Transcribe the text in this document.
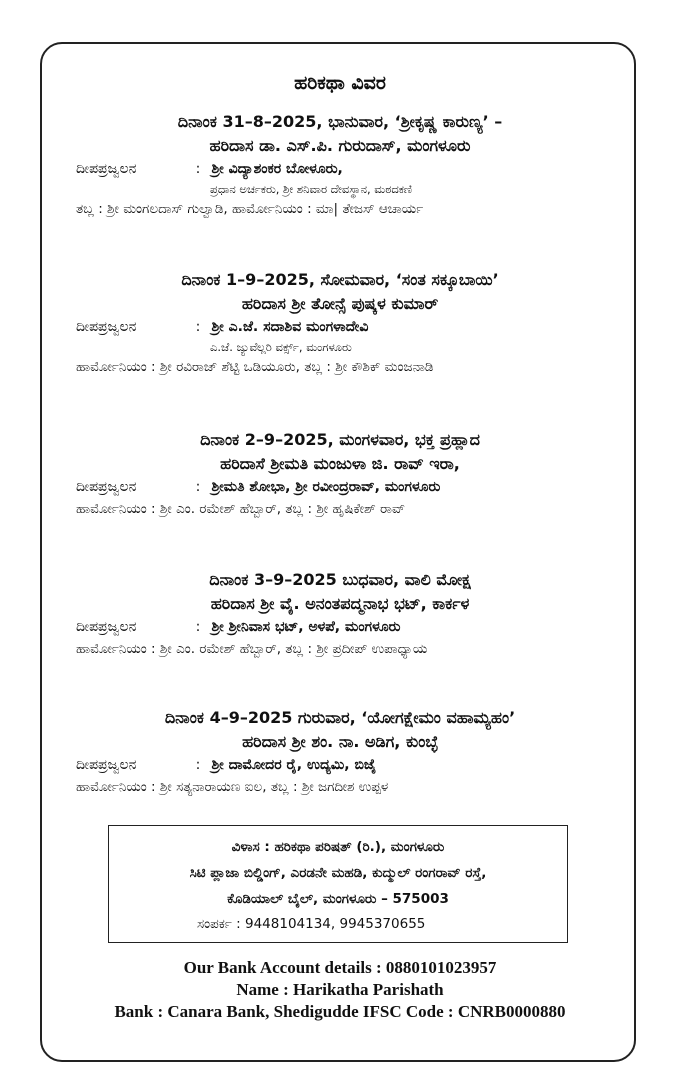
ಹರಿಕಥಾ ವಿವರ
ದಿನಾಂಕ 31–8–2025, ಭಾನುವಾರ, ‘ಶ್ರೀಕೃಷ್ಣ ಕಾರುಣ್ಯ’ –
ಹರಿದಾಸ ಡಾ. ಎಸ್.ಪಿ. ಗುರುದಾಸ್, ಮಂಗಳೂರು
ದೀಪಪ್ರಜ್ವಲನ	: ಶ್ರೀ ವಿದ್ಯಾಶಂಕರ ಬೋಳೂರು,
ಪ್ರಧಾನ ಅರ್ಚಕರು, ಶ್ರೀ ಶನಿವಾರ ದೇವಸ್ಥಾನ, ಮಠದಕಣಿ
ತಬ್ಲ : ಶ್ರೀ ಮಂಗಲದಾಸ್ ಗುಲ್ವಾಡಿ, ಹಾರ್ಮೋನಿಯಂ : ಮಾ| ತೇಜಸ್ ಆಚಾರ್ಯ
ದಿನಾಂಕ 1–9–2025, ಸೋಮವಾರ, ‘ಸಂತ ಸಕ್ಕೂಬಾಯಿ’
ಹರಿದಾಸ ಶ್ರೀ ತೋನ್ಸೆ ಪುಷ್ಕಳ ಕುಮಾರ್
ದೀಪಪ್ರಜ್ವಲನ	: ಶ್ರೀ ಎ.ಜೆ. ಸದಾಶಿವ ಮಂಗಳಾದೇವಿ
ಎ.ಜೆ. ಜ್ಯುವೆಲ್ಲರಿ ವರ್ಕ್ಸ್, ಮಂಗಳೂರು
ಹಾರ್ಮೋನಿಯಂ : ಶ್ರೀ ರವಿರಾಜ್ ಶೆಟ್ಟಿ ಒಡಿಯೂರು, ತಬ್ಲ : ಶ್ರೀ ಕೌಶಿಕ್ ಮಂಜನಾಡಿ
ದಿನಾಂಕ 2–9–2025, ಮಂಗಳವಾರ, ಭಕ್ತ ಪ್ರಹ್ಲಾದ
ಹರಿದಾಸೆ ಶ್ರೀಮತಿ ಮಂಜುಳಾ ಜಿ. ರಾವ್ ಇರಾ,
ದೀಪಪ್ರಜ್ವಲನ	: ಶ್ರೀಮತಿ ಶೋಭಾ, ಶ್ರೀ ರವೀಂದ್ರರಾವ್, ಮಂಗಳೂರು
ಹಾರ್ಮೋನಿಯಂ : ಶ್ರೀ ಎಂ. ರಮೇಶ್ ಹೆಬ್ಬಾರ್, ತಬ್ಲ : ಶ್ರೀ ಹೃಷಿಕೇಶ್ ರಾವ್
ದಿನಾಂಕ 3–9–2025 ಬುಧವಾರ, ವಾಲಿ ಮೋಕ್ಷ
ಹರಿದಾಸ ಶ್ರೀ ವೈ. ಅನಂತಪದ್ಮನಾಭ ಭಟ್, ಕಾರ್ಕಳ
ದೀಪಪ್ರಜ್ವಲನ	: ಶ್ರೀ ಶ್ರೀನಿವಾಸ ಭಟ್, ಅಳಪೆ, ಮಂಗಳೂರು
ಹಾರ್ಮೋನಿಯಂ : ಶ್ರೀ ಎಂ. ರಮೇಶ್ ಹೆಬ್ಬಾರ್, ತಬ್ಲ : ಶ್ರೀ ಪ್ರದೀಪ್ ಉಪಾಧ್ಯಾಯ
ದಿನಾಂಕ 4–9–2025 ಗುರುವಾರ, ‘ಯೋಗಕ್ಷೇಮಂ ವಹಾಮ್ಯಹಂ’
ಹರಿದಾಸ ಶ್ರೀ ಶಂ. ನಾ. ಅಡಿಗ, ಕುಂಬ್ಳೆ
ದೀಪಪ್ರಜ್ವಲನ	: ಶ್ರೀ ದಾಮೋದರ ರೈ, ಉದ್ಯಮಿ, ಬಿಜೈ
ಹಾರ್ಮೋನಿಯಂ : ಶ್ರೀ ಸತ್ಯನಾರಾಯಣ ಐಲ, ತಬ್ಲ : ಶ್ರೀ ಜಗದೀಶ ಉಪ್ಪಳ
ವಿಳಾಸ : ಹರಿಕಥಾ ಪರಿಷತ್ (ರಿ.), ಮಂಗಳೂರು
ಸಿಟಿ ಪ್ಲಾಜಾ ಬಿಲ್ಡಿಂಗ್, ಎರಡನೇ ಮಹಡಿ, ಕುದ್ಮುಲ್ ರಂಗರಾವ್ ರಸ್ತೆ,
ಕೊಡಿಯಾಲ್ ಬೈಲ್, ಮಂಗಳೂರು – 575003
ಸಂಪರ್ಕ : 9448104134, 9945370655
Our Bank Account details : 0880101023957
Name : Harikatha Parishath
Bank : Canara Bank, Shedigudde IFSC Code : CNRB0000880
